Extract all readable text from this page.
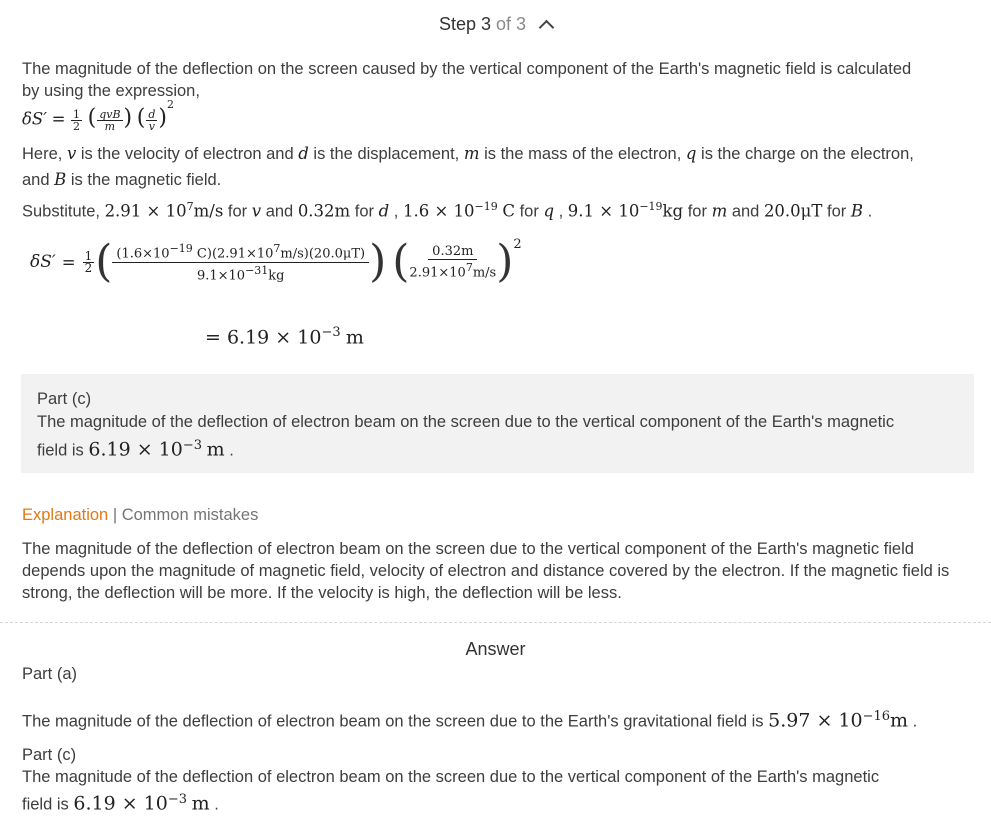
Step 3 of 3
The magnitude of the deflection on the screen caused by the vertical component of the Earth's magnetic field is calculated
by using the expression,
$\delta S' = \frac{1}{2}$ ( $\frac{\text{qvB}}{m}$ ) ( $\frac{d}{v} )^2$
Here, v is the velocity of electron and d is the displacement, m is the mass of the electron, q is the charge on the electron,
and B is the magnetic field.
Substitute, $2.91 \times 10^7m/s$ for v and 0.32m for d , $1.6 \times 10^{-19}$ C for q , $9.1 \times 10^{-19}kg$ for m and 20.0μT for B .
$\delta S' = \frac{1}{2}$ ( $\frac{(1.6\times 10^{-19} C)(2.91\times 10^7m/s)(20.0\mu T)}{9.1\times 10^{-31}kg}$ ) ( $\frac{0.32m}{2.91\times 10^7m/s} )^2$
= $6.19 \times 10^{-3}$ m
Part (c)
The magnitude of the deflection of electron beam on the screen due to the vertical component of the Earth's magnetic
field is $6.19 \times 10^{-3}$ m .
Explanation | Common mistakes
The magnitude of the deflection of electron beam on the screen due to the vertical component of the Earth's magnetic field depends upon the magnitude of magnetic field, velocity of electron and distance covered by the electron. If the magnetic field is strong, the deflection will be more. If the velocity is high, the deflection will be less.
Answer
Part (a)
The magnitude of the deflection of electron beam on the screen due to the Earth's gravitational field is $5.97 \times 10^{-16}m$ .
Part (c)
The magnitude of the deflection of electron beam on the screen due to the vertical component of the Earth's magnetic
field is $6.19 \times 10^{-3}$ m .
